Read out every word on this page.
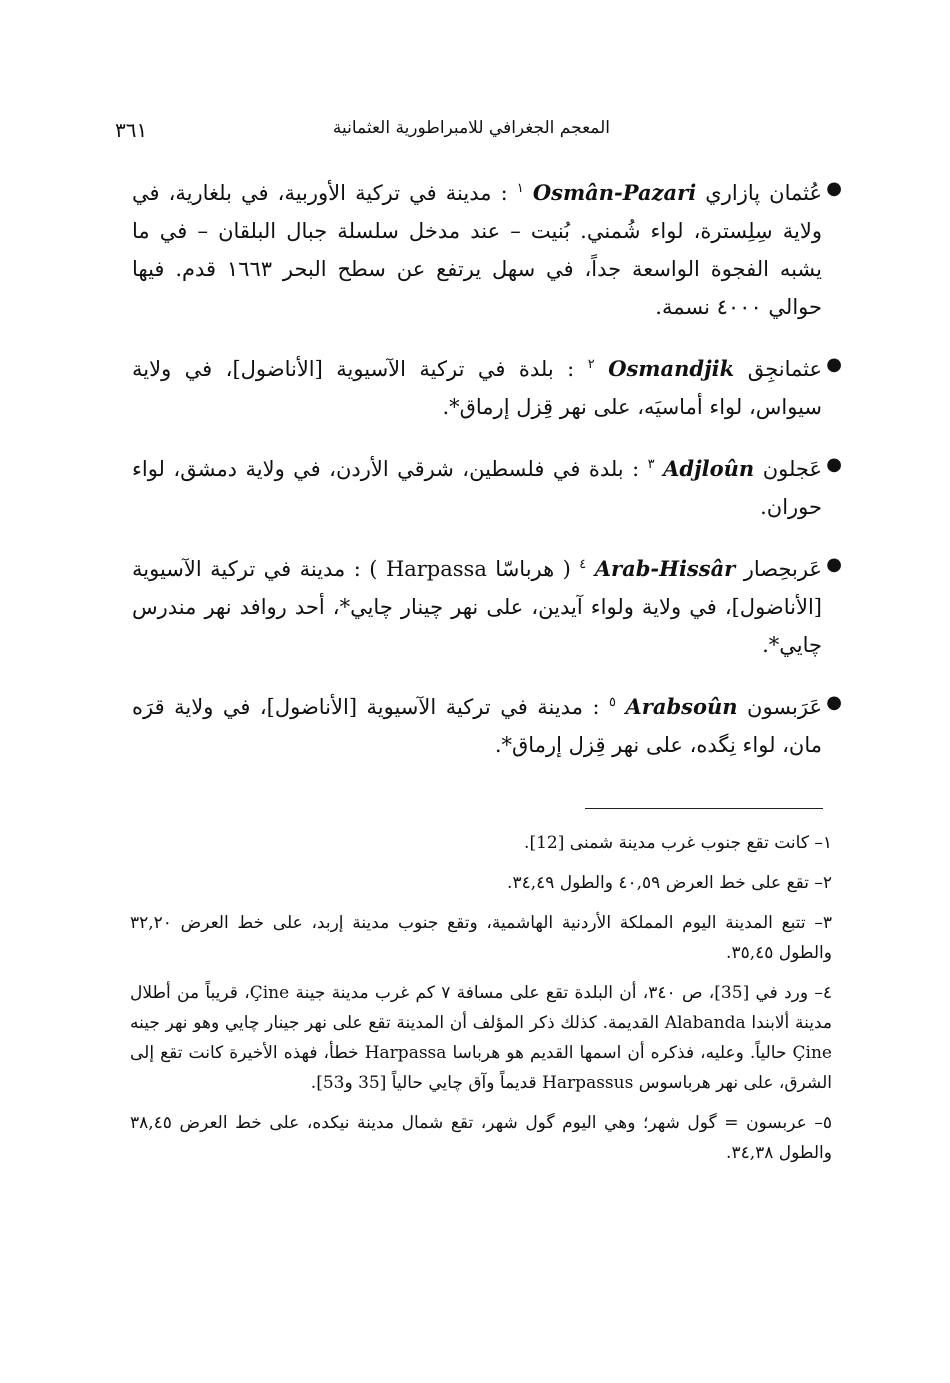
المعجم الجغرافي للامبراطورية العثمانية
٣٦١
●
عُثمان پازاري Osmân-Pazari $^١$ : مدينة في تركية الأوربية، في بلغارية، في ولاية سِلِسترة، لواء شُمني. بُنيت – عند مدخل سلسلة جبال البلقان – في ما يشبه الفجوة الواسعة جداً، في سهل يرتفع عن سطح البحر ١٦٦٣ قدم. فيها حوالي ٤٠٠٠ نسمة.
●
عثمانجِق Osmandjik $^٢$ : بلدة في تركية الآسيوية [الأناضول]، في ولاية سيواس، لواء أماسيَه، على نهر قِزل إرماق*.
●
عَجلون Adjloûn $^٣$ : بلدة في فلسطين، شرقي الأردن، في ولاية دمشق، لواء حوران.
●
عَربحِصار Arab-Hissâr $^٤$ ( هرباسّا Harpassa ) : مدينة في تركية الآسيوية [الأناضول]، في ولاية ولواء آيدين، على نهر چينار چايي*، أحد روافد نهر مندرس چايي*.
●
عَرَبسون Arabsoûn $^٥$ : مدينة في تركية الآسيوية [الأناضول]، في ولاية قرَه مان، لواء نِگده، على نهر قِزل إرماق*.
١– كانت تقع جنوب غرب مدينة شمنى [12].
٢– تقع على خط العرض ٤٠,٥٩ والطول ٣٤,٤٩.
٣– تتبع المدينة اليوم المملكة الأردنية الهاشمية، وتقع جنوب مدينة إربد، على خط العرض ٣٢,٢٠ والطول ٣٥,٤٥.
٤– ورد في [35]، ص ٣٤٠، أن البلدة تقع على مسافة ٧ كم غرب مدينة جينة Çine، قريباً من أطلال مدينة ألابندا Alabanda القديمة. كذلك ذكر المؤلف أن المدينة تقع على نهر جينار چايي وهو نهر جينه Çine حالياً. وعليه، فذكره أن اسمها القديم هو هرباسا Harpassa خطأ، فهذه الأخيرة كانت تقع إلى الشرق، على نهر هرباسوس Harpassus قديماً وآق چايي حالياً [35 و53].
٥– عربسون = گول شهر؛ وهي اليوم گول شهر، تقع شمال مدينة نيكده، على خط العرض ٣٨,٤٥ والطول ٣٤,٣٨.
